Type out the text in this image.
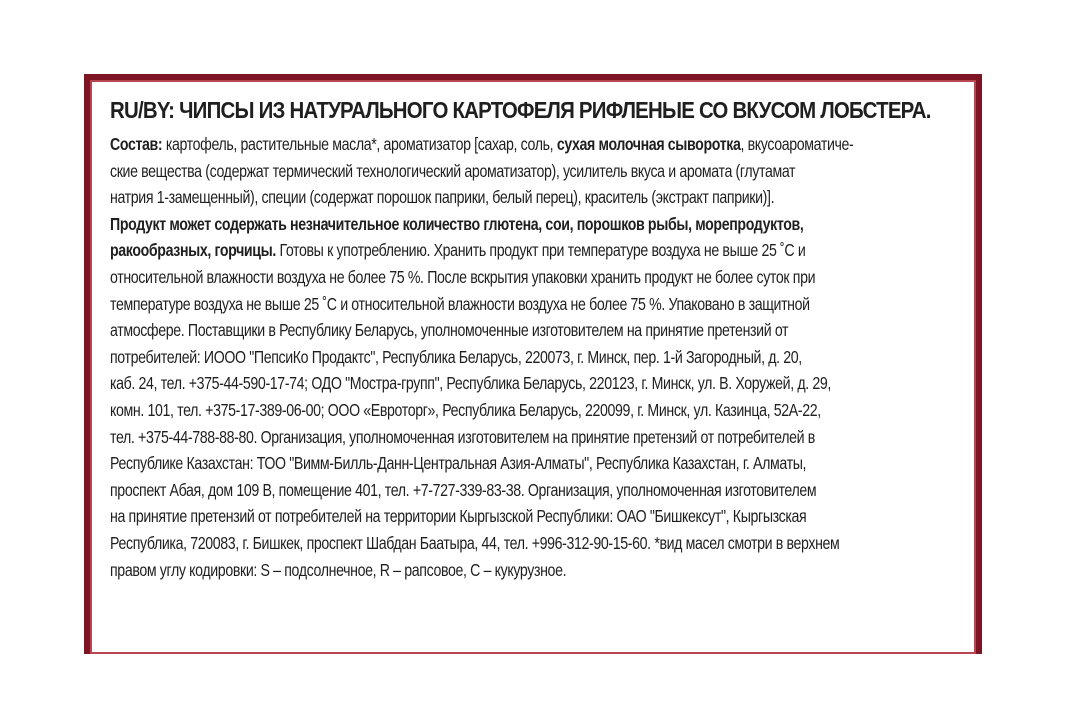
RU/BY: ЧИПСЫ ИЗ НАТУРАЛЬНОГО КАРТОФЕЛЯ РИФЛЕНЫЕ СО ВКУСОМ ЛОБСТЕРА.
Состав: картофель, растительные масла*, ароматизатор [сахар, соль, сухая молочная сыворотка, вкусоароматиче-
ские вещества (содержат термический технологический ароматизатор), усилитель вкуса и аромата (глутамат
натрия 1-замещенный), специи (содержат порошок паприки, белый перец), краситель (экстракт паприки)].
Продукт может содержать незначительное количество глютена, сои, порошков рыбы, морепродуктов,
ракообразных, горчицы. Готовы к употреблению. Хранить продукт при температуре воздуха не выше 25 ˚С и
относительной влажности воздуха не более 75 %. После вскрытия упаковки хранить продукт не более суток при
температуре воздуха не выше 25 ˚С и относительной влажности воздуха не более 75 %. Упаковано в защитной
атмосфере. Поставщики в Республику Беларусь, уполномоченные изготовителем на принятие претензий от
потребителей: ИООО "ПепсиКо Продактс", Республика Беларусь, 220073, г. Минск, пер. 1-й Загородный, д. 20,
каб. 24, тел. +375-44-590-17-74; ОДО "Мостра-групп", Республика Беларусь, 220123, г. Минск, ул. В. Хоружей, д. 29,
комн. 101, тел. +375-17-389-06-00; ООО «Евроторг», Республика Беларусь, 220099, г. Минск, ул. Казинца, 52А-22,
тел. +375-44-788-88-80. Организация, уполномоченная изготовителем на принятие претензий от потребителей в
Республике Казахстан: ТОО "Вимм-Билль-Данн-Центральная Азия-Алматы", Республика Казахстан, г. Алматы,
проспект Абая, дом 109 В, помещение 401, тел. +7-727-339-83-38. Организация, уполномоченная изготовителем
на принятие претензий от потребителей на территории Кыргызской Республики: ОАО "Бишкексут", Кыргызская
Республика, 720083, г. Бишкек, проспект Шабдан Баатыра, 44, тел. +996-312-90-15-60. *вид масел смотри в верхнем
правом углу кодировки: S – подсолнечное, R – рапсовое, C – кукурузное.
